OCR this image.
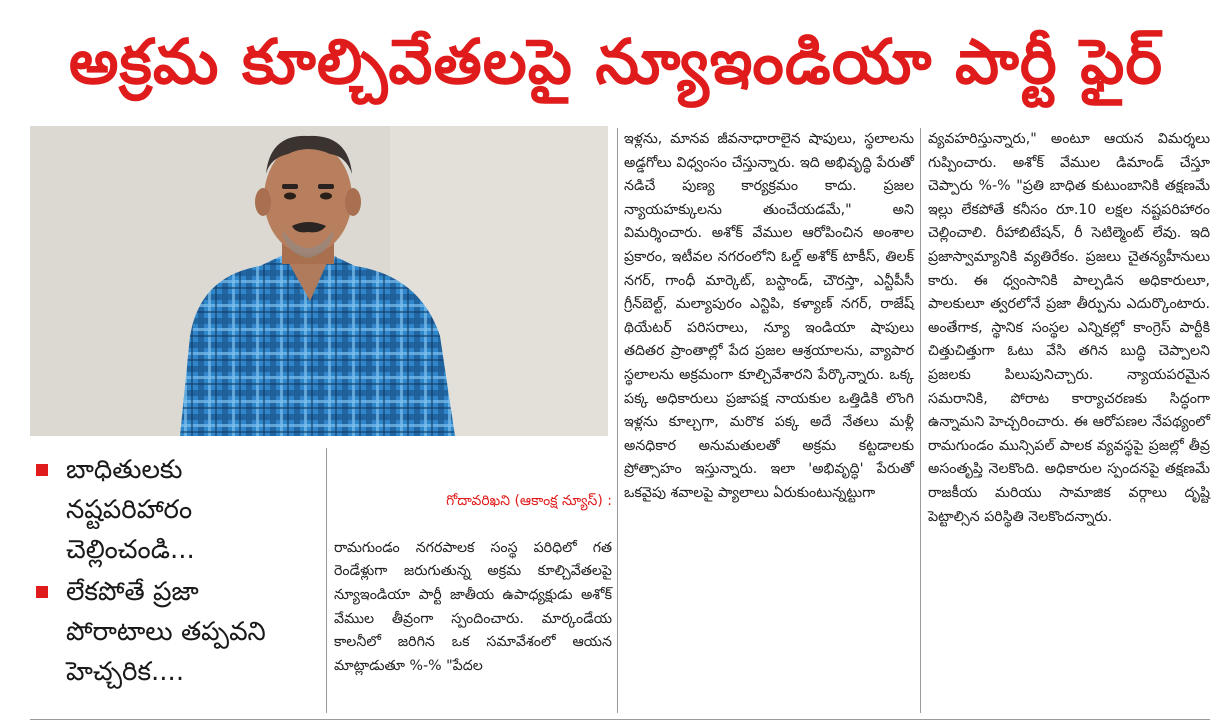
అక్రమ కూల్చివేతలపై న్యూఇండియా పార్టీ ఫైర్
బాధితులకు
నష్టపరిహారం
చెల్లించండి...
లేకపోతే ప్రజా
పోరాటాలు తప్పవని
హెచ్చరిక....

గోదావరిఖని (ఆకాంక్ష న్యూస్) :

రామగుండం నగరపాలక సంస్థ పరిధిలో గత రెండేళ్లుగా జరుగుతున్న అక్రమ కూల్చివేతలపై న్యూఇండియా పార్టీ జాతీయ ఉపాధ్యక్షుడు అశోక్ వేముల తీవ్రంగా స్పందించారు. మార్కండేయ కాలనీలో జరిగిన ఒక సమావేశంలో ఆయన మాట్లాడుతూ %-% "పేదల

ఇళ్లను, మానవ జీవనాధారాలైన షాపులు, స్థలాలను అడ్డగోలు విధ్వంసం చేస్తున్నారు. ఇది అభివృద్ధి పేరుతో నడిచే పుణ్య కార్యక్రమం కాదు. ప్రజల న్యాయహక్కులను తుంచేయడమే," అని విమర్శించారు. అశోక్ వేముల ఆరోపించిన అంశాల ప్రకారం, ఇటీవల నగరంలోని ఓల్డ్ అశోక్ టాకీస్, తిలక్ నగర్, గాంధీ మార్కెట్, బస్టాండ్, చౌరస్తా, ఎన్టీపీసీ గ్రీన్‌బెల్ట్, మల్యాపురం ఎన్టిపి, కళ్యాణ్ నగర్, రాజేష్ థియేటర్ పరిసరాలు, న్యూ ఇండియా షాపులు తదితర ప్రాంతాల్లో పేద ప్రజల ఆశ్రయాలను, వ్యాపార స్థలాలను అక్రమంగా కూల్చివేశారని పేర్కొన్నారు. ఒక్క పక్క అధికారులు ప్రజాపక్ష నాయకుల ఒత్తిడికి లొంగి ఇళ్లను కూల్చగా, మరొక పక్క అదే నేతలు మళ్లీ అనధికార అనుమతులతో అక్రమ కట్టడాలకు ప్రోత్సాహం ఇస్తున్నారు. ఇలా 'అభివృద్ధి' పేరుతో ఒకవైపు శవాలపై ప్యాలాలు ఏరుకుంటున్నట్టుగా
వ్యవహరిస్తున్నారు," అంటూ ఆయన విమర్శలు గుప్పించారు. అశోక్ వేముల డిమాండ్ చేస్తూ చెప్పారు %-% "ప్రతి బాధిత కుటుంబానికి తక్షణమే ఇల్లు లేకపోతే కనీసం రూ.10 లక్షల నష్టపరిహారం చెల్లించాలి. రీహాబిటేషన్, రీ సెటిల్మెంట్ లేవు. ఇది ప్రజాస్వామ్యానికి వ్యతిరేకం. ప్రజలు చైతన్యహీనులు కారు. ఈ ధ్వంసానికి పాల్పడిన అధికారులూ, పాలకులూ త్వరలోనే ప్రజా తీర్పును ఎదుర్కొంటారు. అంతేగాక, స్థానిక సంస్థల ఎన్నికల్లో కాంగ్రెస్ పార్టీకి చిత్తుచిత్తుగా ఓటు వేసి తగిన బుద్ధి చెప్పాలని ప్రజలకు పిలుపునిచ్చారు. న్యాయపరమైన సమరానికి, పోరాట కార్యాచరణకు సిద్ధంగా ఉన్నామని హెచ్చరించారు. ఈ ఆరోపణల నేపథ్యంలో రామగుండం మున్సిపల్ పాలక వ్యవస్థపై ప్రజల్లో తీవ్ర అసంతృప్తి నెలకొంది. అధికారుల స్పందనపై తక్షణమే రాజకీయ మరియు సామాజిక వర్గాలు దృష్టి పెట్టాల్సిన పరిస్థితి నెలకొందన్నారు.
